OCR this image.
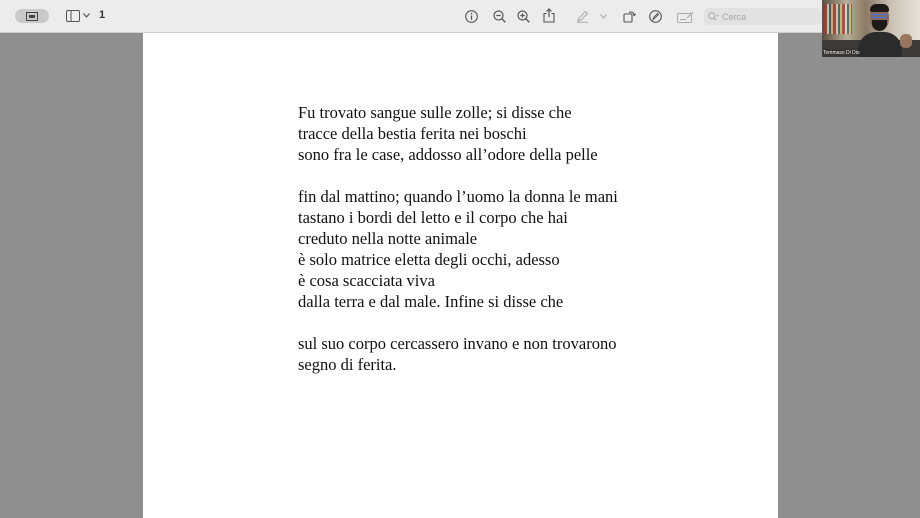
1	Cerca
Tommaso Di Dio
Fu trovato sangue sulle zolle; si disse che
tracce della bestia ferita nei boschi
sono fra le case, addosso all’odore della pelle
fin dal mattino; quando l’uomo la donna le mani
tastano i bordi del letto e il corpo che hai
creduto nella notte animale
è solo matrice eletta degli occhi, adesso
è cosa scacciata viva
dalla terra e dal male. Infine si disse che
sul suo corpo cercassero invano e non trovarono
segno di ferita.
